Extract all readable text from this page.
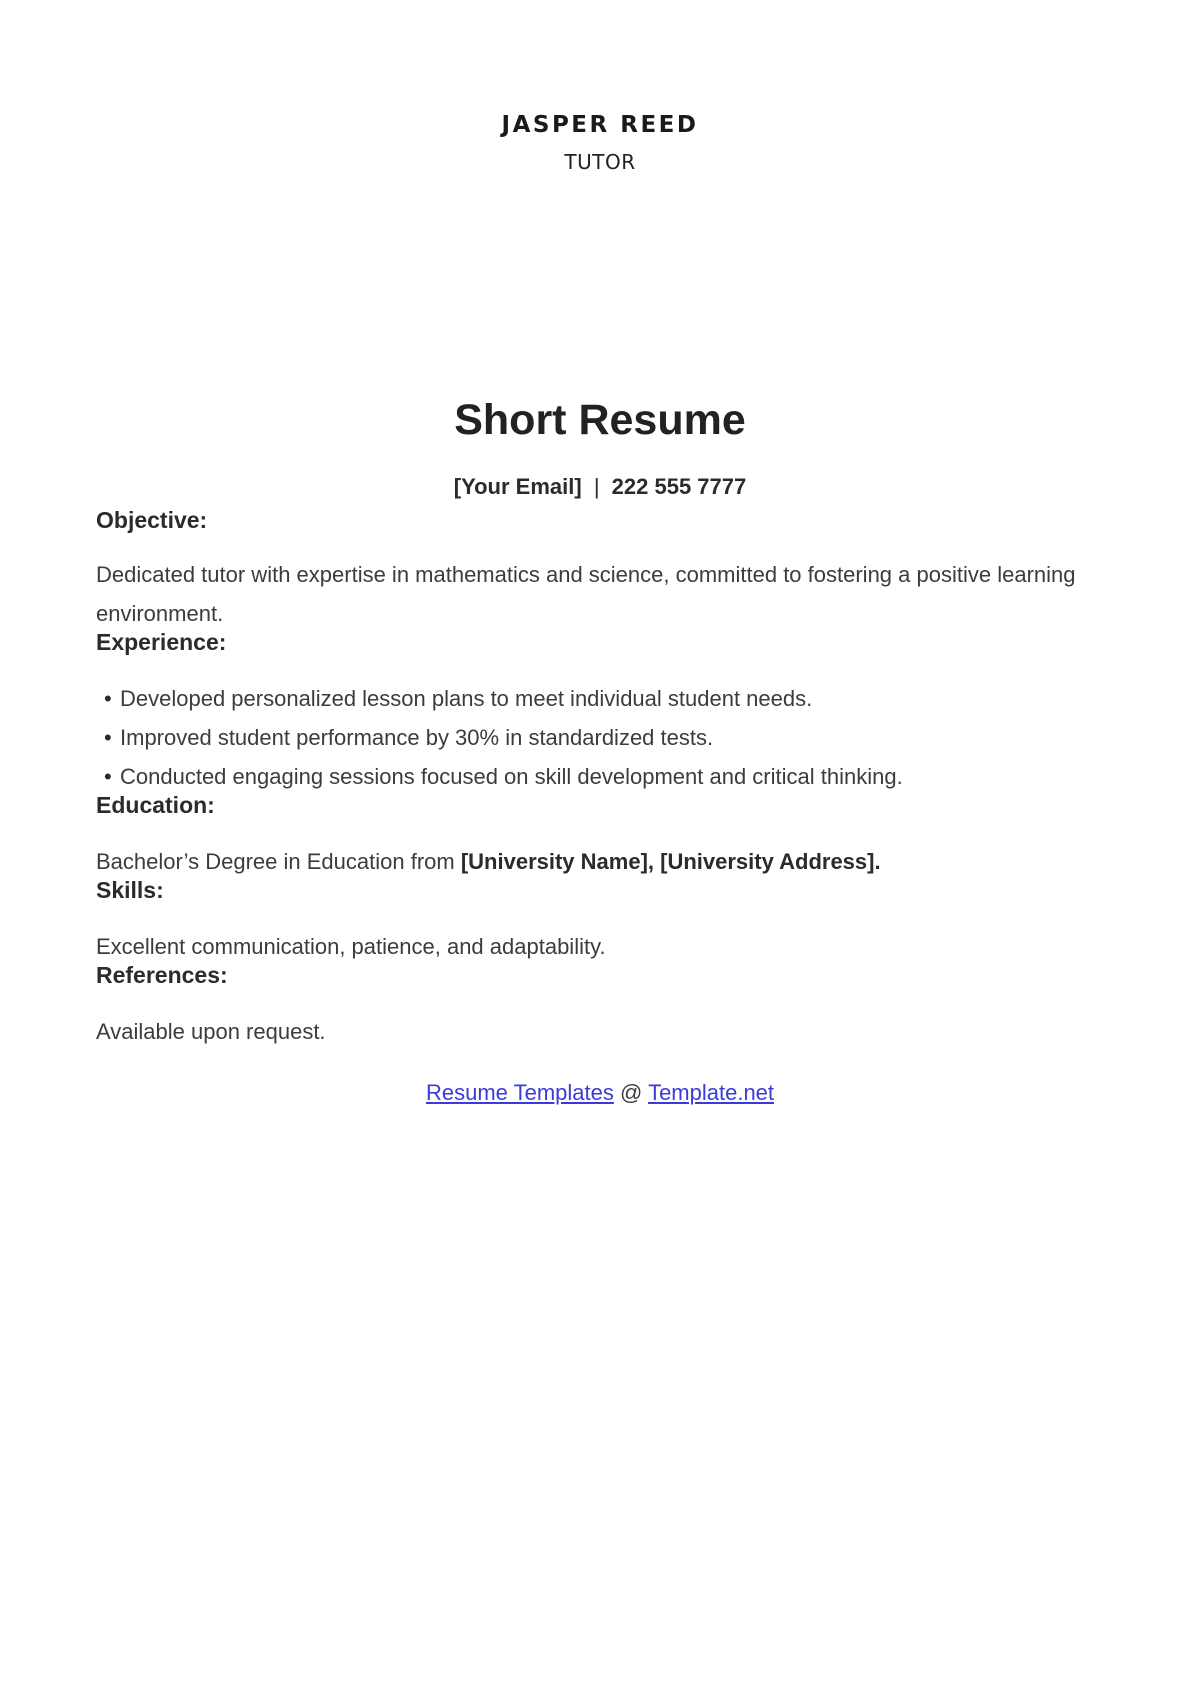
JASPER REED
TUTOR
Short Resume
[Your Email] | 222 555 7777
Objective:

Dedicated tutor with expertise in mathematics and science, committed to fostering a positive learning environment.

Experience:
• Developed personalized lesson plans to meet individual student needs.
• Improved student performance by 30% in standardized tests.
• Conducted engaging sessions focused on skill development and critical thinking.
Education:

Bachelor’s Degree in Education from [University Name], [University Address].

Skills:

Excellent communication, patience, and adaptability.

References:

Available upon request.

Resume Templates @ Template.net
